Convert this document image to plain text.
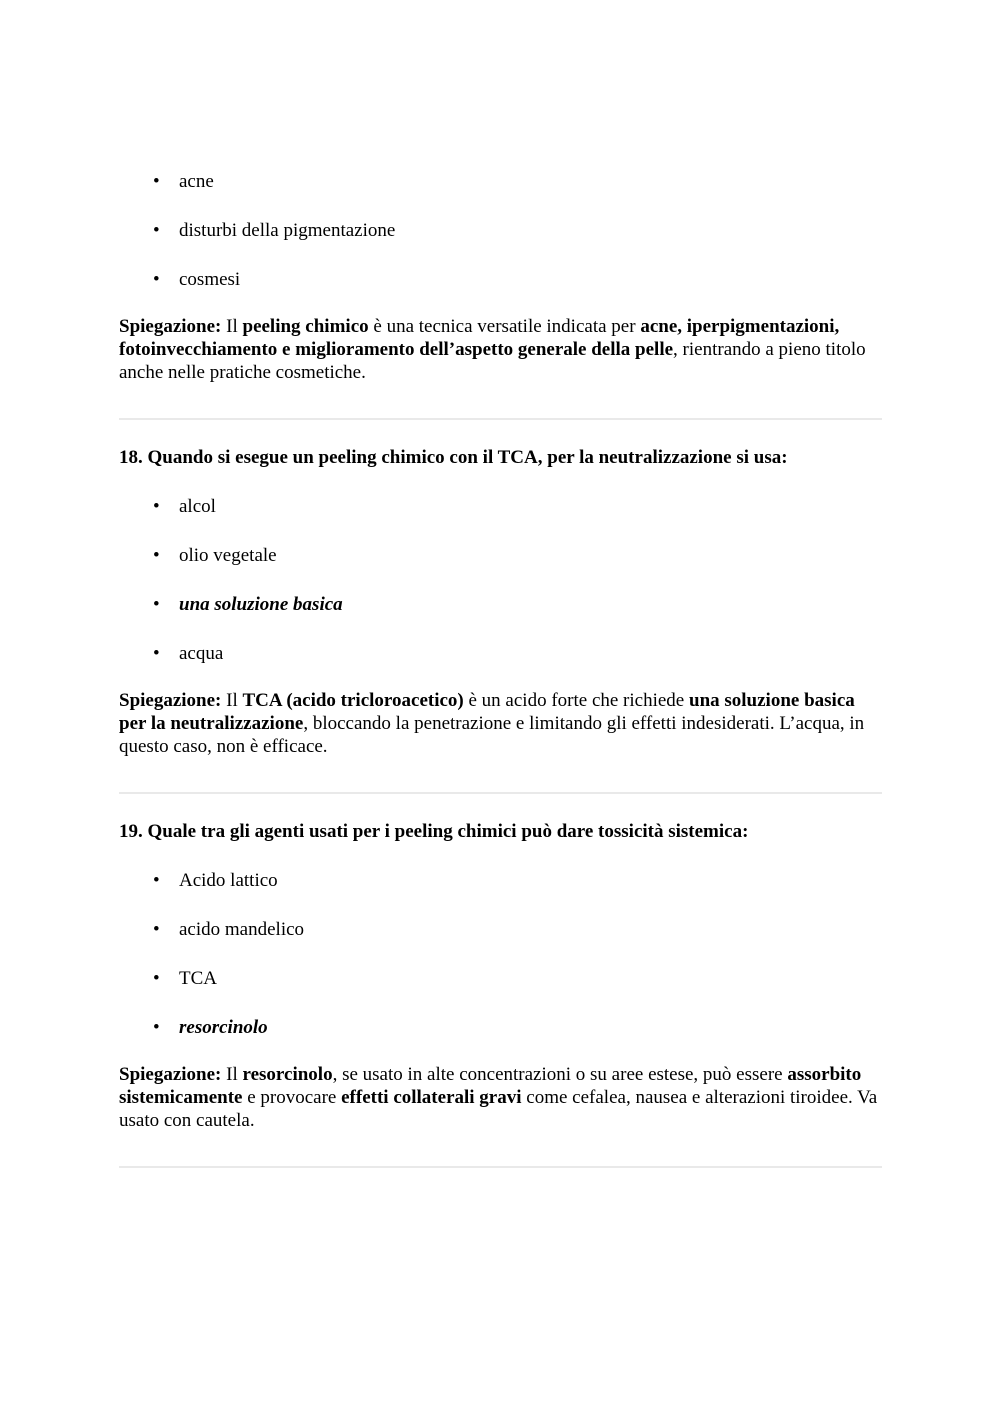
• acne
• disturbi della pigmentazione
• cosmesi

Spiegazione: Il peeling chimico è una tecnica versatile indicata per acne, iperpigmentazioni, fotoinvecchiamento e miglioramento dell’aspetto generale della pelle, rientrando a pieno titolo anche nelle pratiche cosmetiche.

18. Quando si esegue un peeling chimico con il TCA, per la neutralizzazione si usa:

• alcol
• olio vegetale
• una soluzione basica
• acqua

Spiegazione: Il TCA (acido tricloroacetico) è un acido forte che richiede una soluzione basica per la neutralizzazione, bloccando la penetrazione e limitando gli effetti indesiderati. L’acqua, in questo caso, non è efficace.

19. Quale tra gli agenti usati per i peeling chimici può dare tossicità sistemica:

• Acido lattico
• acido mandelico
• TCA
• resorcinolo

Spiegazione: Il resorcinolo, se usato in alte concentrazioni o su aree estese, può essere assorbito sistemicamente e provocare effetti collaterali gravi come cefalea, nausea e alterazioni tiroidee. Va usato con cautela.
